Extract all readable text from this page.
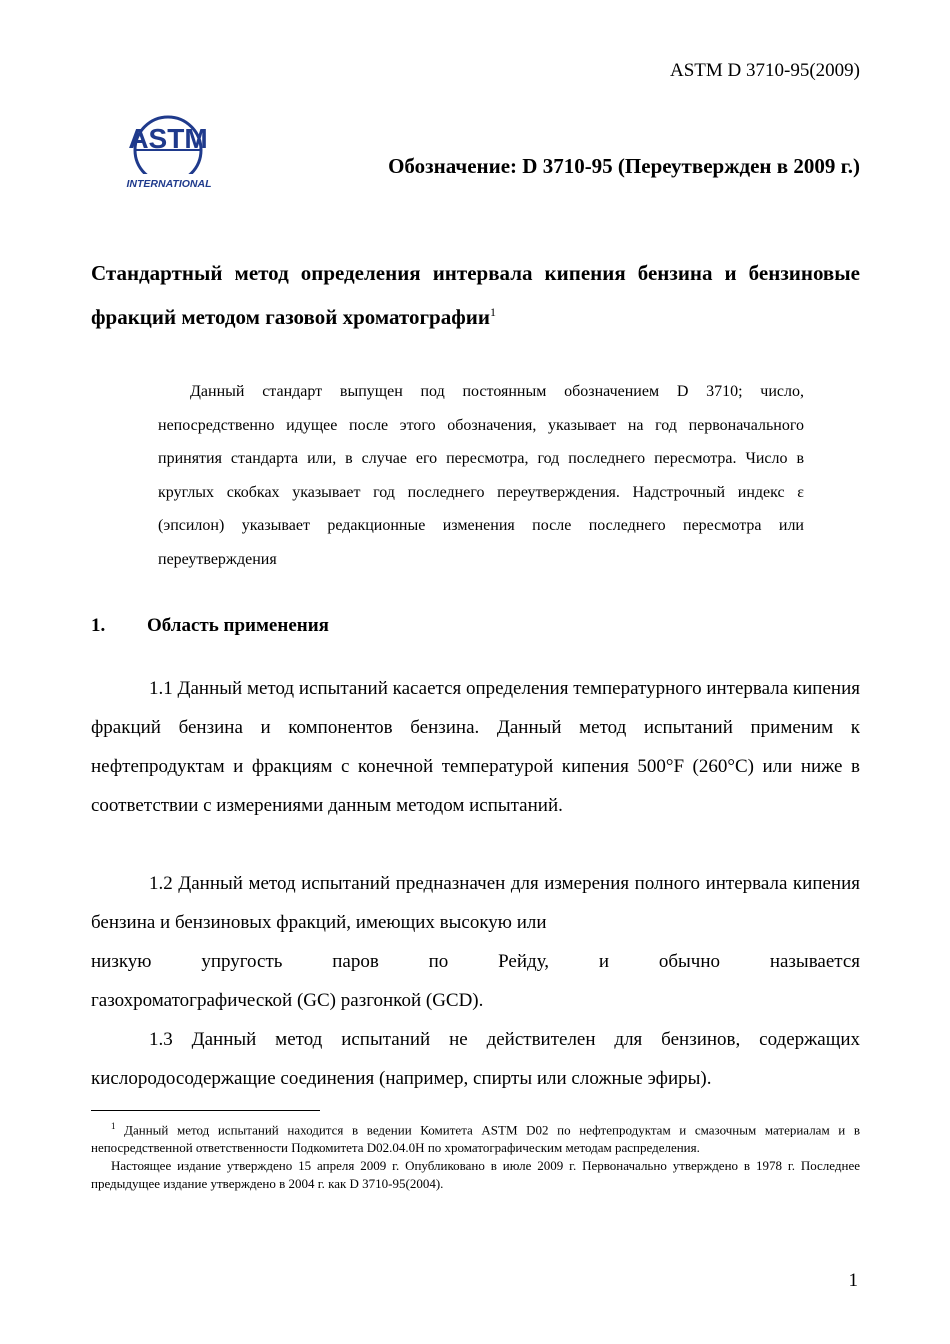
ASTM D 3710-95(2009)
ASTM
INTERNATIONAL
Обозначение: D 3710-95 (Переутвержден в 2009 г.)
Стандартный метод определения интервала кипения бензина и бензиновые фракций методом газовой хроматографии$^1$
Данный стандарт выпущен под постоянным обозначением D 3710; число, непосредственно идущее после этого обозначения, указывает на год первоначального принятия стандарта или, в случае его пересмотра, год последнего пересмотра. Число в круглых скобках указывает год последнего переутверждения. Надстрочный индекс ε (эпсилон) указывает редакционные изменения после последнего пересмотра или переутверждения
1. Область применения
1.1 Данный метод испытаний касается определения температурного интервала кипения фракций бензина и компонентов бензина. Данный метод испытаний применим к нефтепродуктам и фракциям с конечной температурой кипения 500°F (260°C) или ниже в соответствии с измерениями данным методом испытаний.
1.2 Данный метод испытаний предназначен для измерения полного интервала кипения бензина и бензиновых фракций, имеющих высокую или
низкую упругость паров по Рейду, и обычно называется
газохроматографической (GC) разгонкой (GCD).
1.3 Данный метод испытаний не действителен для бензинов, содержащих кислородосодержащие соединения (например, спирты или сложные эфиры).

$^1$ Данный метод испытаний находится в ведении Комитета ASTM D02 по нефтепродуктам и смазочным материалам и в непосредственной ответственности Подкомитета D02.04.0H по хроматографическим методам распределения.

Настоящее издание утверждено 15 апреля 2009 г. Опубликовано в июле 2009 г. Первоначально утверждено в 1978 г. Последнее предыдущее издание утверждено в 2004 г. как D 3710-95(2004).

1
